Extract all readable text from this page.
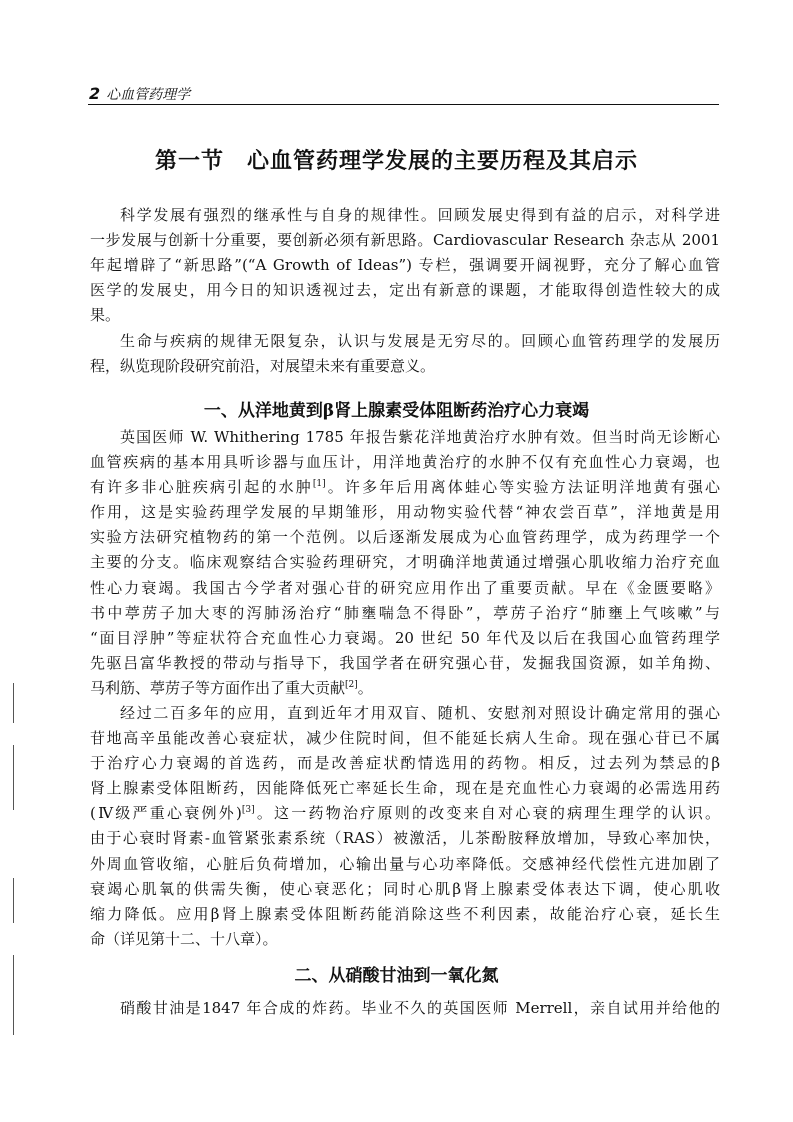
2 心血管药理学
第一节　心血管药理学发展的主要历程及其启示
科学发展有强烈的继承性与自身的规律性。回顾发展史得到有益的启示，对科学进
一步发展与创新十分重要，要创新必须有新思路。Cardiovascular Research 杂志从 2001
年起增辟了“新思路”(“A Growth of Ideas”) 专栏，强调要开阔视野，充分了解心血管
医学的发展史，用今日的知识透视过去，定出有新意的课题，才能取得创造性较大的成
果。
生命与疾病的规律无限复杂，认识与发展是无穷尽的。回顾心血管药理学的发展历
程，纵览现阶段研究前沿，对展望未来有重要意义。
一、从洋地黄到β肾上腺素受体阻断药治疗心力衰竭
英国医师 W. Whithering 1785 年报告紫花洋地黄治疗水肿有效。但当时尚无诊断心
血管疾病的基本用具听诊器与血压计，用洋地黄治疗的水肿不仅有充血性心力衰竭，也
有许多非心脏疾病引起的水肿[1]。许多年后用离体蛙心等实验方法证明洋地黄有强心
作用，这是实验药理学发展的早期雏形，用动物实验代替“神农尝百草”，洋地黄是用
实验方法研究植物药的第一个范例。以后逐渐发展成为心血管药理学，成为药理学一个
主要的分支。临床观察结合实验药理研究，才明确洋地黄通过增强心肌收缩力治疗充血
性心力衰竭。我国古今学者对强心苷的研究应用作出了重要贡献。早在《金匮要略》
书中葶苈子加大枣的泻肺汤治疗“肺壅喘急不得卧”，葶苈子治疗“肺壅上气咳嗽”与
“面目浮肿”等症状符合充血性心力衰竭。20 世纪 50 年代及以后在我国心血管药理学
先驱吕富华教授的带动与指导下，我国学者在研究强心苷，发掘我国资源，如羊角拗、
马利筋、葶苈子等方面作出了重大贡献[2]。
经过二百多年的应用，直到近年才用双盲、随机、安慰剂对照设计确定常用的强心
苷地高辛虽能改善心衰症状，减少住院时间，但不能延长病人生命。现在强心苷已不属
于治疗心力衰竭的首选药，而是改善症状酌情选用的药物。相反，过去列为禁忌的β
肾上腺素受体阻断药，因能降低死亡率延长生命，现在是充血性心力衰竭的必需选用药
(Ⅳ级严重心衰例外)[3]。这一药物治疗原则的改变来自对心衰的病理生理学的认识。
由于心衰时肾素-血管紧张素系统（RAS）被激活，儿茶酚胺释放增加，导致心率加快，
外周血管收缩，心脏后负荷增加，心输出量与心功率降低。交感神经代偿性亢进加剧了
衰竭心肌氧的供需失衡，使心衰恶化；同时心肌β肾上腺素受体表达下调，使心肌收
缩力降低。应用β肾上腺素受体阻断药能消除这些不利因素，故能治疗心衰，延长生
命（详见第十二、十八章）。
二、从硝酸甘油到一氧化氮
硝酸甘油是1847 年合成的炸药。毕业不久的英国医师 Merrell，亲自试用并给他的
